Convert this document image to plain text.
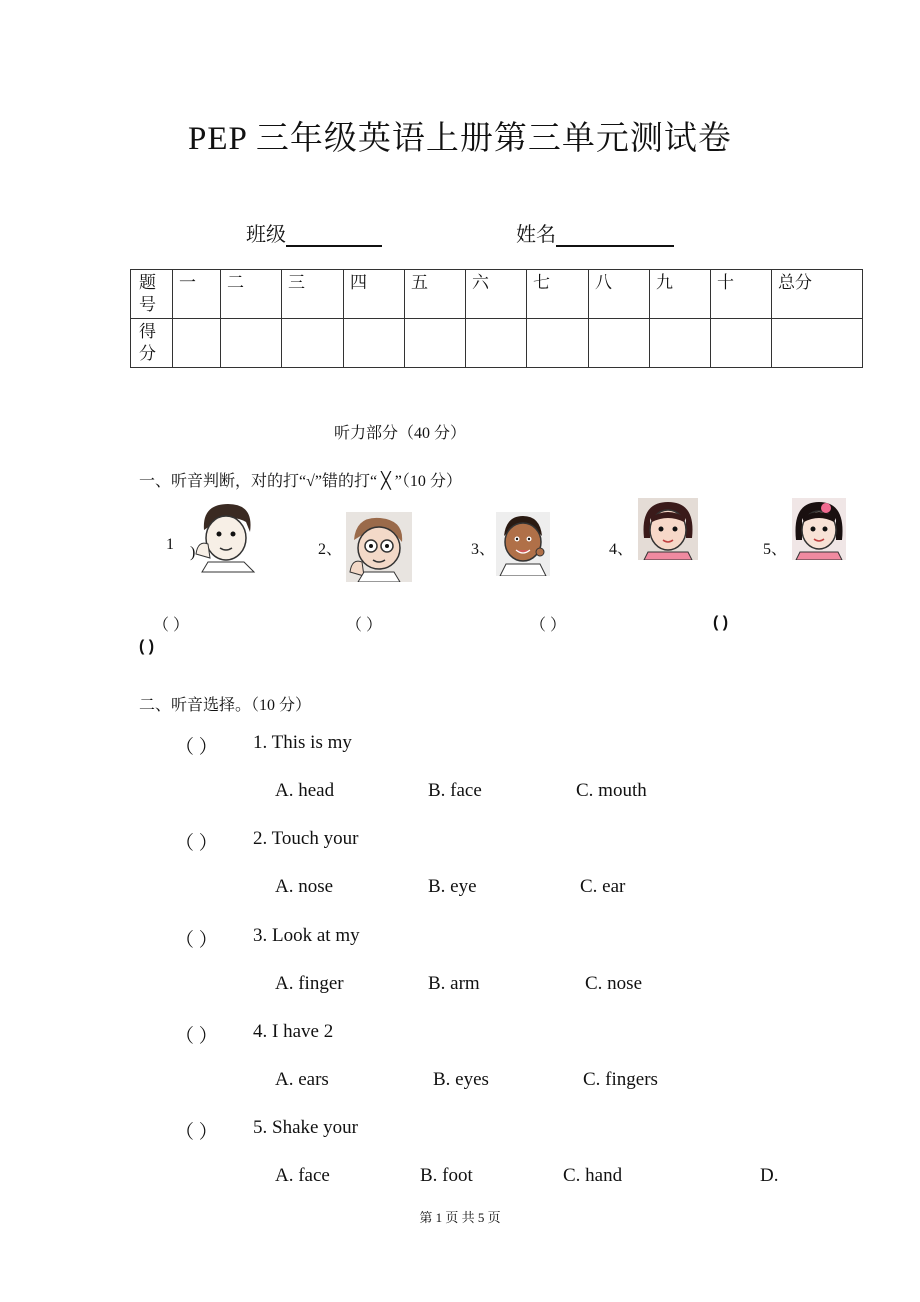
PEP 三年级英语上册第三单元测试卷
班级	姓名
题号	一	二	三	四	五	六	七	八	九	十	总分
得分											
听力部分（40 分）
一、听音判断，对的打“√”错的打“ ╳ ”（10 分）
1 )	2、	3、	4、	5、
（ ）	（ ）	（ ）	( )
( )
二、听音选择。（10 分）
（ ） 1. This is my
A. head	B. face	C. mouth
（ ） 2. Touch your
A. nose	B. eye	C. ear
（ ） 3. Look at my
A. finger	B. arm	C. nose
（ ） 4. I have 2
A. ears	B. eyes	C. fingers
（ ） 5. Shake your
A. face	B. foot	C. hand	D.
第 1 页 共 5 页
